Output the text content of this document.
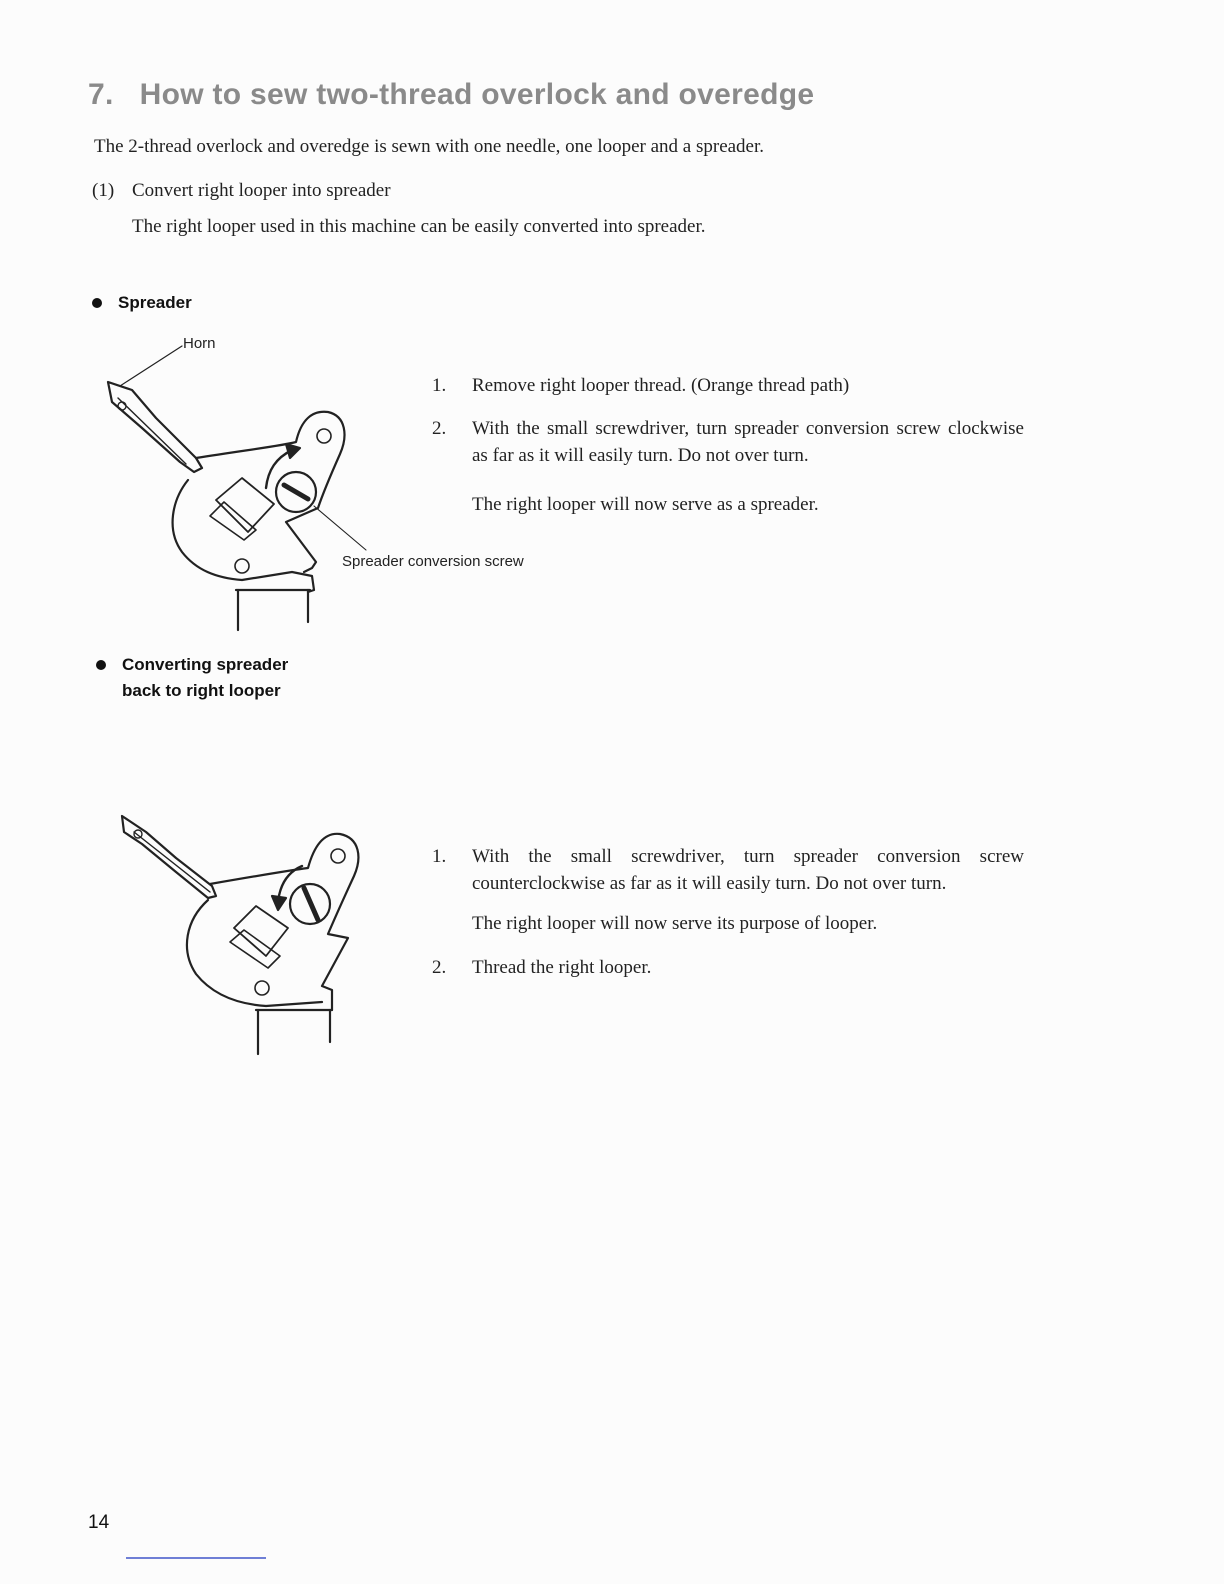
7. How to sew two-thread overlock and overedge
The 2-thread overlock and overedge is sewn with one needle, one looper and a spreader.
(1) Convert right looper into spreader
The right looper used in this machine can be easily converted into spreader.
Spreader
Horn
Spreader conversion screw
1. Remove right looper thread. (Orange thread path)
2. With the small screwdriver, turn spreader conversion screw clockwise as far as it will easily turn. Do not over turn.
The right looper will now serve as a spreader.
Converting spreader
back to right looper
1. With the small screwdriver, turn spreader conversion screw counterclockwise as far as it will easily turn. Do not over turn.
The right looper will now serve its purpose of looper.
2. Thread the right looper.
14
